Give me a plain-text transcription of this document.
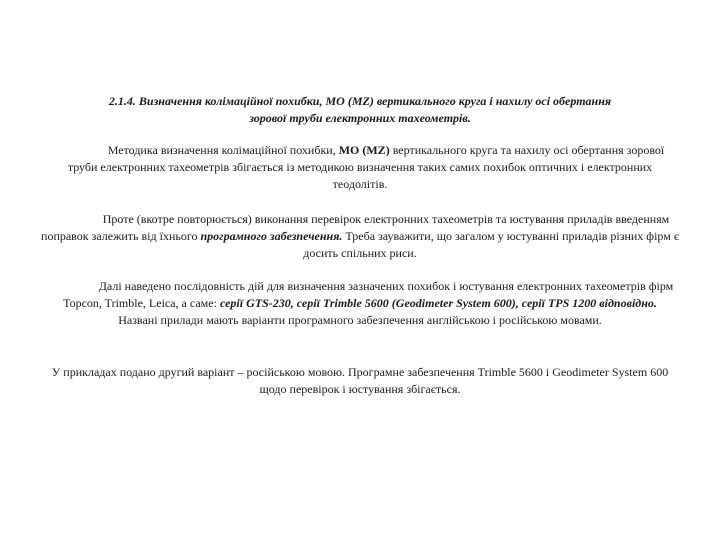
2.1.4. Визначення колімаційної похибки, МО (MZ) вертикального круга і нахилу осі обертання
зорової труби електронних тахеометрів.
Методика визначення колімаційної похибки, МО (MZ) вертикального круга та нахилу осі обертання зорової труби електронних тахеометрів збігається із методикою визначення таких самих похибок оптичних і електронних теодолітів.
Проте (вкотре повторюється) виконання перевірок електронних тахеометрів та юстування приладів введенням поправок залежить від їхнього програмного забезпечення. Треба зауважити, що загалом у юстуванні приладів різних фірм є досить спільних риси.
Далі наведено послідовність дій для визначення зазначених похибок і юстування електронних тахеометрів фірм Topcon, Trimble, Leica, а саме: серії GTS-230, серії Trimble 5600 (Geodimeter System 600), серії TPS 1200 відповідно.
Названі прилади мають варіанти програмного забезпечення англійською і російською мовами.
У прикладах подано другий варіант – російською мовою. Програмне забезпечення Trimble 5600 і Geodimeter System 600 щодо перевірок і юстування збігається.
